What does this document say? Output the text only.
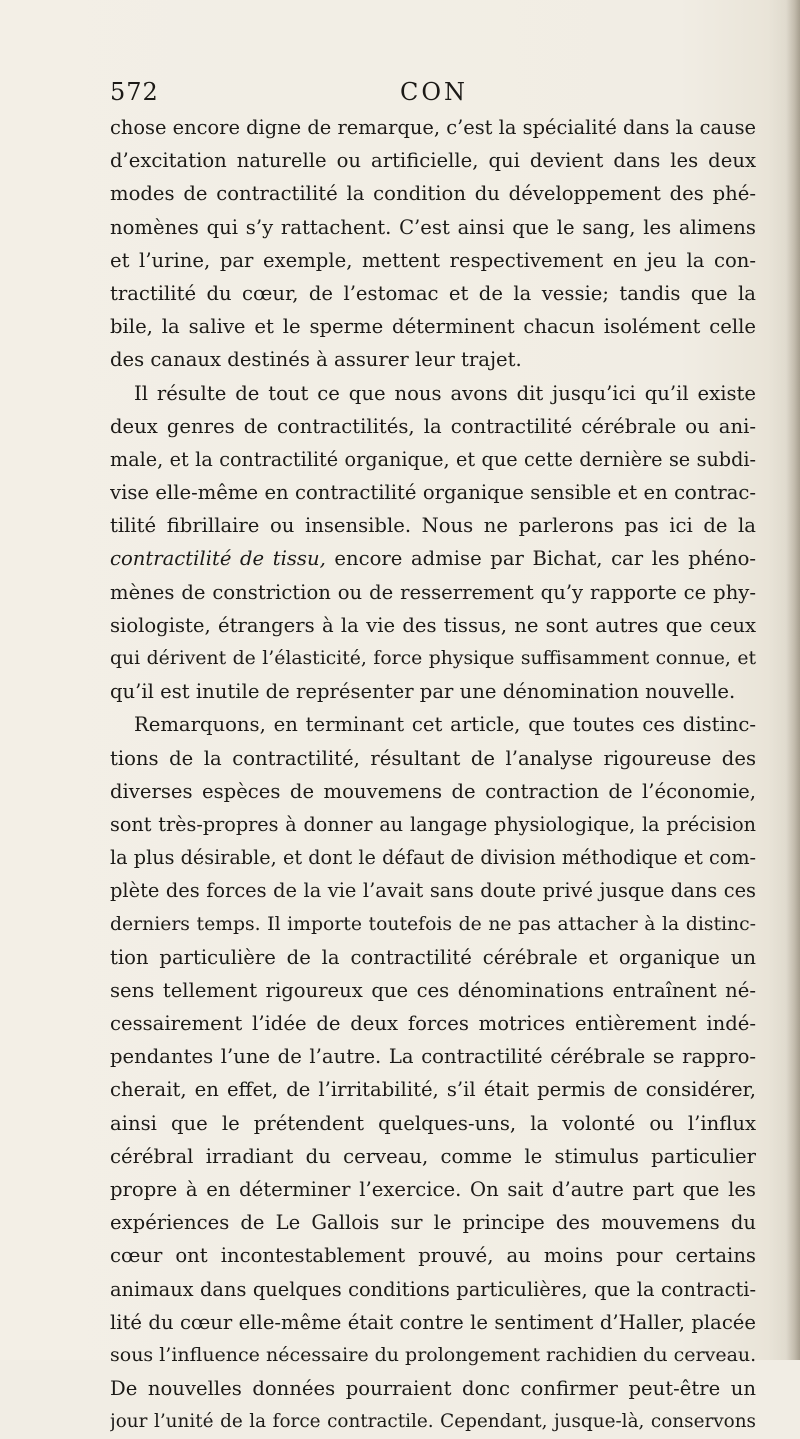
572	CON
chose encore digne de remarque, c’est la spécialité dans la cause
d’excitation naturelle ou artificielle, qui devient dans les deux
modes de contractilité la condition du développement des phé-
nomènes qui s’y rattachent. C’est ainsi que le sang, les alimens
et l’urine, par exemple, mettent respectivement en jeu la con-
tractilité du cœur, de l’estomac et de la vessie; tandis que la
bile, la salive et le sperme déterminent chacun isolément celle
des canaux destinés à assurer leur trajet.
Il résulte de tout ce que nous avons dit jusqu’ici qu’il existe
deux genres de contractilités, la contractilité cérébrale ou ani-
male, et la contractilité organique, et que cette dernière se subdi-
vise elle-même en contractilité organique sensible et en contrac-
tilité fibrillaire ou insensible. Nous ne parlerons pas ici de la
contractilité de tissu, encore admise par Bichat, car les phéno-
mènes de constriction ou de resserrement qu’y rapporte ce phy-
siologiste, étrangers à la vie des tissus, ne sont autres que ceux
qui dérivent de l’élasticité, force physique suffisamment connue, et
qu’il est inutile de représenter par une dénomination nouvelle.
Remarquons, en terminant cet article, que toutes ces distinc-
tions de la contractilité, résultant de l’analyse rigoureuse des
diverses espèces de mouvemens de contraction de l’économie,
sont très-propres à donner au langage physiologique, la précision
la plus désirable, et dont le défaut de division méthodique et com-
plète des forces de la vie l’avait sans doute privé jusque dans ces
derniers temps. Il importe toutefois de ne pas attacher à la distinc-
tion particulière de la contractilité cérébrale et organique un
sens tellement rigoureux que ces dénominations entraînent né-
cessairement l’idée de deux forces motrices entièrement indé-
pendantes l’une de l’autre. La contractilité cérébrale se rappro-
cherait, en effet, de l’irritabilité, s’il était permis de considérer,
ainsi que le prétendent quelques-uns, la volonté ou l’influx
cérébral irradiant du cerveau, comme le stimulus particulier
propre à en déterminer l’exercice. On sait d’autre part que les
expériences de Le Gallois sur le principe des mouvemens du
cœur ont incontestablement prouvé, au moins pour certains
animaux dans quelques conditions particulières, que la contracti-
lité du cœur elle-même était contre le sentiment d’Haller, placée
sous l’influence nécessaire du prolongement rachidien du cerveau.
De nouvelles données pourraient donc confirmer peut-être un
jour l’unité de la force contractile. Cependant, jusque-là, conservons
